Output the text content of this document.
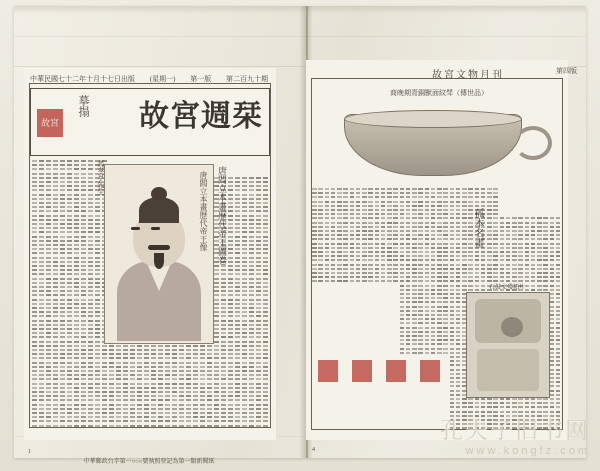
中華民國七十二年十月十七日出版 (星期一) 第一版 第二百九十期
故宮
摹搨 故宮週栞
唐閻立本畫歷代帝王像 唐閻立本畫歷代帝王圖卷
馬孝孚先生
中華郵政台字第一○○○號執照登記為第一類新聞紙
1
故宮文物月刊	第四版
商晚期青銅獸面紋斝（傳世品）
孤本名畫
石鼓文殘拓片
4
孔夫子旧书网
www.kongfz.com
